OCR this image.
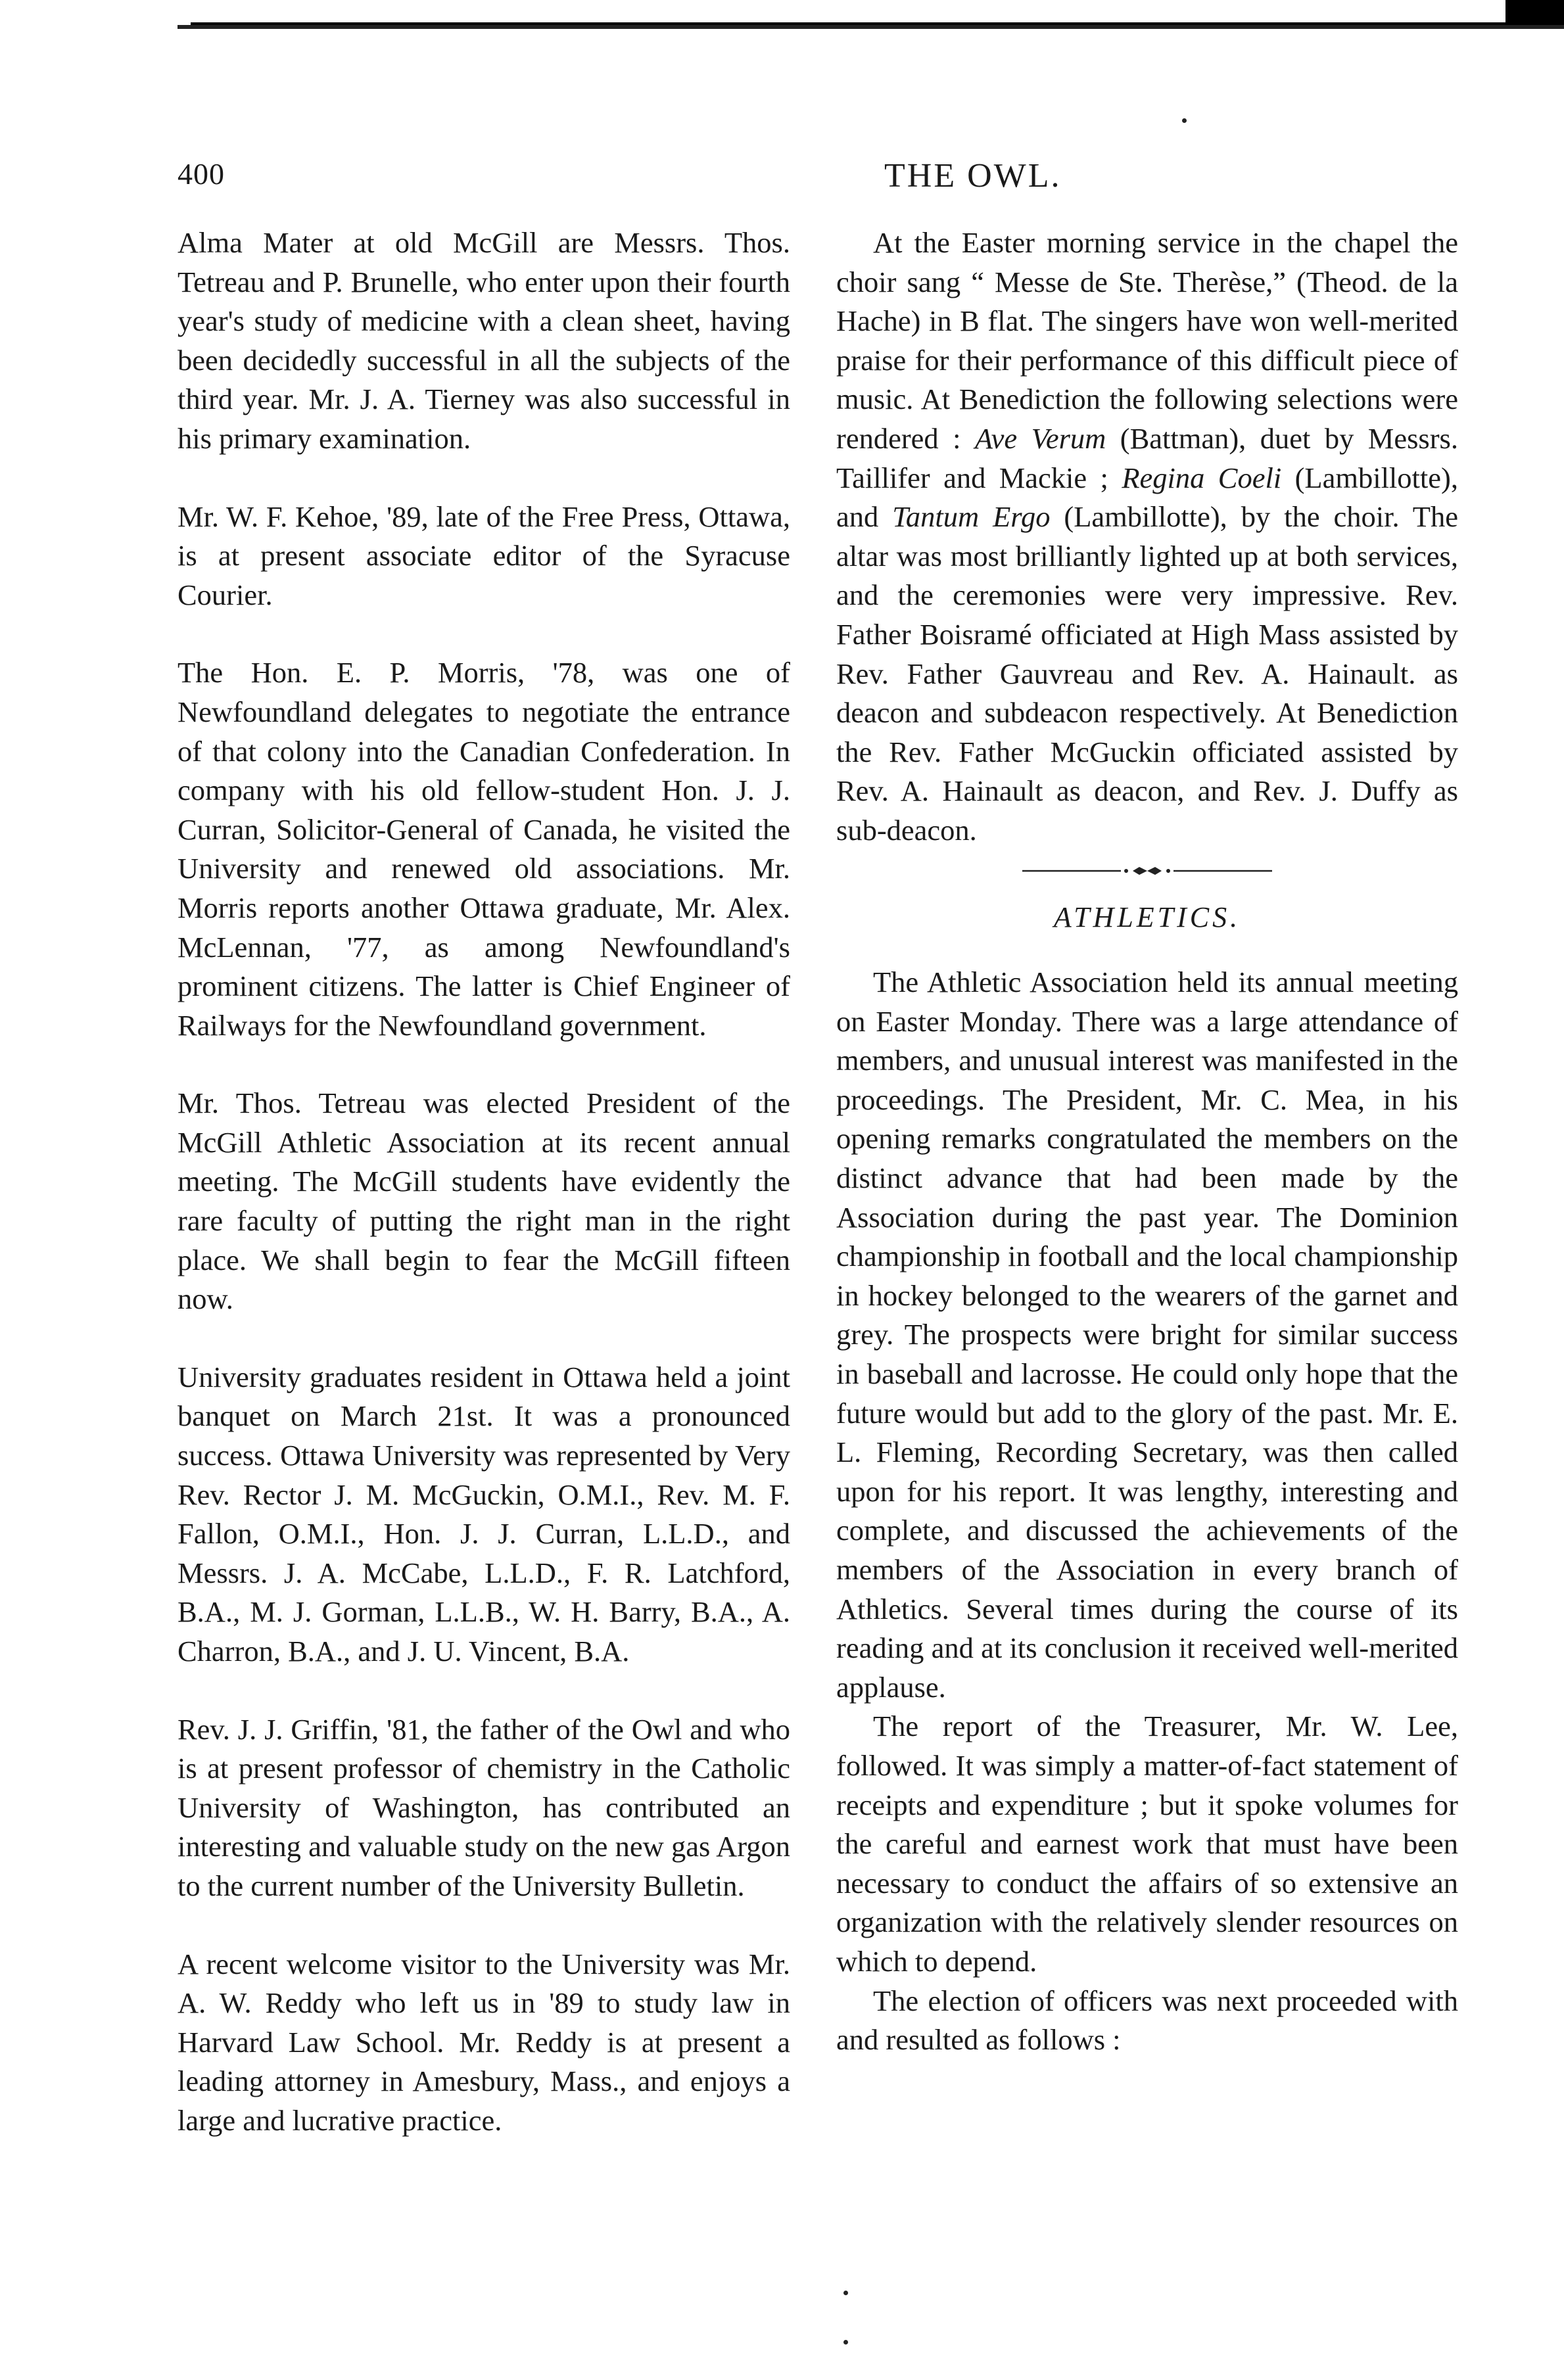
400	THE OWL.

Alma Mater at old McGill are Messrs. Thos. Tetreau and P. Brunelle, who enter upon their fourth year's study of medicine with a clean sheet, having been decidedly successful in all the subjects of the third year. Mr. J. A. Tierney was also successful in his primary examination.

Mr. W. F. Kehoe, '89, late of the Free Press, Ottawa, is at present associate editor of the Syracuse Courier.

The Hon. E. P. Morris, '78, was one of Newfoundland delegates to negotiate the entrance of that colony into the Canadian Confederation. In company with his old fellow-student Hon. J. J. Curran, Solicitor-General of Canada, he visited the University and renewed old associations. Mr. Morris reports another Ottawa graduate, Mr. Alex. McLennan, '77, as among Newfoundland's prominent citizens. The latter is Chief Engineer of Railways for the Newfoundland government.

Mr. Thos. Tetreau was elected President of the McGill Athletic Association at its recent annual meeting. The McGill students have evidently the rare faculty of putting the right man in the right place. We shall begin to fear the McGill fifteen now.

University graduates resident in Ottawa held a joint banquet on March 21st. It was a pronounced success. Ottawa University was represented by Very Rev. Rector J. M. McGuckin, O.M.I., Rev. M. F. Fallon, O.M.I., Hon. J. J. Curran, L.L.D., and Messrs. J. A. McCabe, L.L.D., F. R. Latchford, B.A., M. J. Gorman, L.L.B., W. H. Barry, B.A., A. Charron, B.A., and J. U. Vincent, B.A.

Rev. J. J. Griffin, '81, the father of the Owl and who is at present professor of chemistry in the Catholic University of Washington, has contributed an interesting and valuable study on the new gas Argon to the current number of the University Bulletin.

A recent welcome visitor to the University was Mr. A. W. Reddy who left us in '89 to study law in Harvard Law School. Mr. Reddy is at present a leading attorney in Amesbury, Mass., and enjoys a large and lucrative practice.

At the Easter morning service in the chapel the choir sang “ Messe de Ste. Therèse,” (Theod. de la Hache) in B flat. The singers have won well-merited praise for their performance of this difficult piece of music. At Benediction the following selections were rendered : Ave Verum (Battman), duet by Messrs. Taillifer and Mackie ; Regina Coeli (Lambillotte), and Tantum Ergo (Lambillotte), by the choir. The altar was most brilliantly lighted up at both services, and the ceremonies were very impressive. Rev. Father Boisramé officiated at High Mass assisted by Rev. Father Gauvreau and Rev. A. Hainault. as deacon and subdeacon respectively. At Benediction the Rev. Father McGuckin officiated assisted by Rev. A. Hainault as deacon, and Rev. J. Duffy as sub-deacon.

ATHLETICS.

The Athletic Association held its annual meeting on Easter Monday. There was a large attendance of members, and unusual interest was manifested in the proceedings. The President, Mr. C. Mea, in his opening remarks congratulated the members on the distinct advance that had been made by the Association during the past year. The Dominion championship in football and the local championship in hockey belonged to the wearers of the garnet and grey. The prospects were bright for similar success in baseball and lacrosse. He could only hope that the future would but add to the glory of the past. Mr. E. L. Fleming, Recording Secretary, was then called upon for his report. It was lengthy, interesting and complete, and discussed the achievements of the members of the Association in every branch of Athletics. Several times during the course of its reading and at its conclusion it received well-merited applause.

The report of the Treasurer, Mr. W. Lee, followed. It was simply a matter-of-fact statement of receipts and expenditure ; but it spoke volumes for the careful and earnest work that must have been necessary to conduct the affairs of so extensive an organization with the relatively slender resources on which to depend.

The election of officers was next proceeded with and resulted as follows :
